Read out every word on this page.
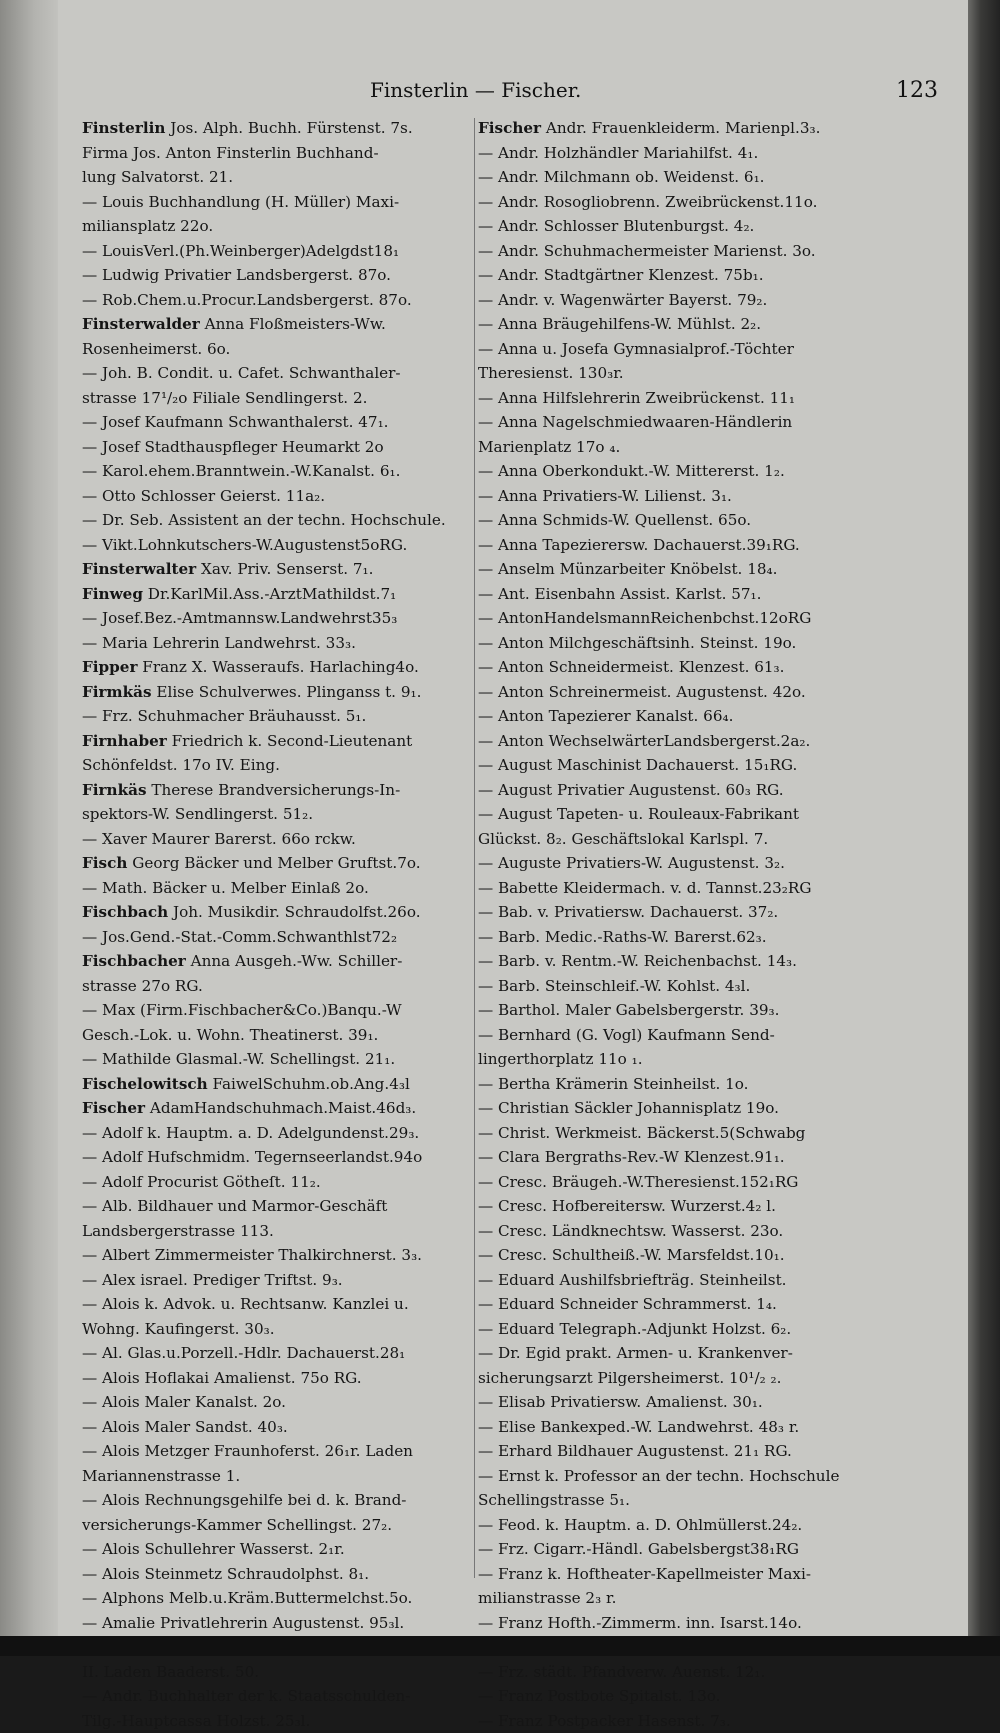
Finsterlin — Fischer.	123
Finsterlin Jos. Alph. Buchh. Fürstenst. 7s.
Firma Jos. Anton Finsterlin Buchhand-
lung Salvatorst. 21.
— Louis Buchhandlung (H. Müller) Maxi-
miliansplatz 22o.
— LouisVerl.(Ph.Weinberger)Adelgdst18₁
— Ludwig Privatier Landsbergerst. 87o.
— Rob.Chem.u.Procur.Landsbergerst. 87o.
Finsterwalder Anna Floßmeisters-Ww.
Rosenheimerst. 6o.
— Joh. B. Condit. u. Cafet. Schwanthaler-
strasse 17¹/₂o Filiale Sendlingerst. 2.
— Josef Kaufmann Schwanthalerst. 47₁.
— Josef Stadthauspfleger Heumarkt 2o
— Karol.ehem.Branntwein.-W.Kanalst. 6₁.
— Otto Schlosser Geierst. 11a₂.
— Dr. Seb. Assistent an der techn. Hochschule.
— Vikt.Lohnkutschers-W.Augustenst5oRG.
Finsterwalter Xav. Priv. Senserst. 7₁.
Finweg Dr.KarlMil.Ass.-ArztMathildst.7₁
— Josef.Bez.-Amtmannsw.Landwehrst35₃
— Maria Lehrerin Landwehrst. 33₃.
Fipper Franz X. Wasseraufs. Harlaching4o.
Firmkäs Elise Schulverwes. Plinganss t. 9₁.
— Frz. Schuhmacher Bräuhausst. 5₁.
Firnhaber Friedrich k. Second-Lieutenant
Schönfeldst. 17o IV. Eing.
Firnkäs Therese Brandversicherungs-In-
spektors-W. Sendlingerst. 51₂.
— Xaver Maurer Barerst. 66o rckw.
Fisch Georg Bäcker und Melber Gruftst.7o.
— Math. Bäcker u. Melber Einlaß 2o.
Fischbach Joh. Musikdir. Schraudolfst.26o.
— Jos.Gend.-Stat.-Comm.Schwanthlst72₂
Fischbacher Anna Ausgeh.-Ww. Schiller-
strasse 27o RG.
— Max (Firm.Fischbacher&Co.)Banqu.-W
Gesch.-Lok. u. Wohn. Theatinerst. 39₁.
— Mathilde Glasmal.-W. Schellingst. 21₁.
Fischelowitsch FaiwelSchuhm.ob.Ang.4₃l
Fischer AdamHandschuhmach.Maist.46d₃.
— Adolf k. Hauptm. a. D. Adelgundenst.29₃.
— Adolf Hufschmidm. Tegernseerlandst.94o
— Adolf Procurist Götheſt. 11₂.
— Alb. Bildhauer und Marmor-Geschäft
Landsbergerstrasse 113.
— Albert Zimmermeister Thalkirchnerst. 3₃.
— Alex israel. Prediger Triftst. 9₃.
— Alois k. Advok. u. Rechtsanw. Kanzlei u.
Wohng. Kaufingerst. 30₃.
— Al. Glas.u.Porzell.-Hdlr. Dachauerst.28₁
— Alois Hoflakai Amalienst. 75o RG.
— Alois Maler Kanalst. 2o.
— Alois Maler Sandst. 40₃.
— Alois Metzger Fraunhoferst. 26₁r. Laden
Mariannenstrasse 1.
— Alois Rechnungsgehilfe bei d. k. Brand-
versicherungs-Kammer Schellingst. 27₂.
— Alois Schullehrer Wasserst. 2₁r.
— Alois Steinmetz Schraudolphst. 8₁.
— Alphons Melb.u.Kräm.Buttermelchst.5o.
— Amalie Privatlehrerin Augustenst. 95₃l.
II. Laden Baaderst. 50.
— Andr. Buchhalter der k. Staatsschulden-
Tilg.-Hauptcassa Holzst. 25₃l.
Fischer Andr. Frauenkleiderm. Marienpl.3₃.
— Andr. Holzhändler Mariahilfst. 4₁.
— Andr. Milchmann ob. Weidenst. 6₁.
— Andr. Rosogliobrenn. Zweibrückenst.11o.
— Andr. Schlosser Blutenburgst. 4₂.
— Andr. Schuhmachermeister Marienst. 3o.
— Andr. Stadtgärtner Klenzest. 75b₁.
— Andr. v. Wagenwärter Bayerst. 79₂.
— Anna Bräugehilfens-W. Mühlst. 2₂.
— Anna u. Josefa Gymnasialprof.-Töchter
Theresienst. 130₃r.
— Anna Hilfslehrerin Zweibrückenst. 11₁
— Anna Nagelschmiedwaaren-Händlerin
Marienplatz 17o ₄.
— Anna Oberkondukt.-W. Mittererst. 1₂.
— Anna Privatiers-W. Lilienst. 3₁.
— Anna Schmids-W. Quellenst. 65o.
— Anna Tapezierersw. Dachauerst.39₁RG.
— Anselm Münzarbeiter Knöbelst. 18₄.
— Ant. Eisenbahn Assist. Karlst. 57₁.
— AntonHandelsmannReichenbchst.12oRG
— Anton Milchgeschäftsinh. Steinst. 19o.
— Anton Schneidermeist. Klenzest. 61₃.
— Anton Schreinermeist. Augustenst. 42o.
— Anton Tapezierer Kanalst. 66₄.
— Anton WechselwärterLandsbergerst.2a₂.
— August Maschinist Dachauerst. 15₁RG.
— August Privatier Augustenst. 60₃ RG.
— August Tapeten- u. Rouleaux-Fabrikant
Glückst. 8₂. Geschäftslokal Karlspl. 7.
— Auguste Privatiers-W. Augustenst. 3₂.
— Babette Kleidermach. v. d. Tannst.23₂RG
— Bab. v. Privatiersw. Dachauerst. 37₂.
— Barb. Medic.-Raths-W. Barerst.62₃.
— Barb. v. Rentm.-W. Reichenbachst. 14₃.
— Barb. Steinschleif.-W. Kohlst. 4₃l.
— Barthol. Maler Gabelsbergerstr. 39₃.
— Bernhard (G. Vogl) Kaufmann Send-
lingerthorplatz 11o ₁.
— Bertha Krämerin Steinheilst. 1o.
— Christian Säckler Johannisplatz 19o.
— Christ. Werkmeist. Bäckerst.5(Schwabg
— Clara Bergraths-Rev.-W Klenzest.91₁.
— Cresc. Bräugeh.-W.Theresienst.152₁RG
— Cresc. Hofbereitersw. Wurzerst.4₂ l.
— Cresc. Ländknechtsw. Wasserst. 23o.
— Cresc. Schultheiß.-W. Marsfeldst.10₁.
— Eduard Aushilfsbriefträg. Steinheilst.
— Eduard Schneider Schrammerst. 1₄.
— Eduard Telegraph.-Adjunkt Holzst. 6₂.
— Dr. Egid prakt. Armen- u. Krankenver-
sicherungsarzt Pilgersheimerst. 10¹/₂ ₂.
— Elisab Privatiersw. Amalienst. 30₁.
— Elise Bankexped.-W. Landwehrst. 48₃ r.
— Erhard Bildhauer Augustenst. 21₁ RG.
— Ernst k. Professor an der techn. Hochschule
Schellingstrasse 5₁.
— Feod. k. Hauptm. a. D. Ohlmüllerst.24₂.
— Frz. Cigarr.-Händl. Gabelsbergst38₁RG
— Franz k. Hoftheater-Kapellmeister Maxi-
milianstrasse 2₃ r.
— Franz Hofth.-Zimmerm. inn. Isarst.14o.
— Frz. städt. Pfandverw. Auenst. 12₁.
— Franz Postbote Spitalst. 13o.
— Franz Postpacker Hasenst. 7₃.
